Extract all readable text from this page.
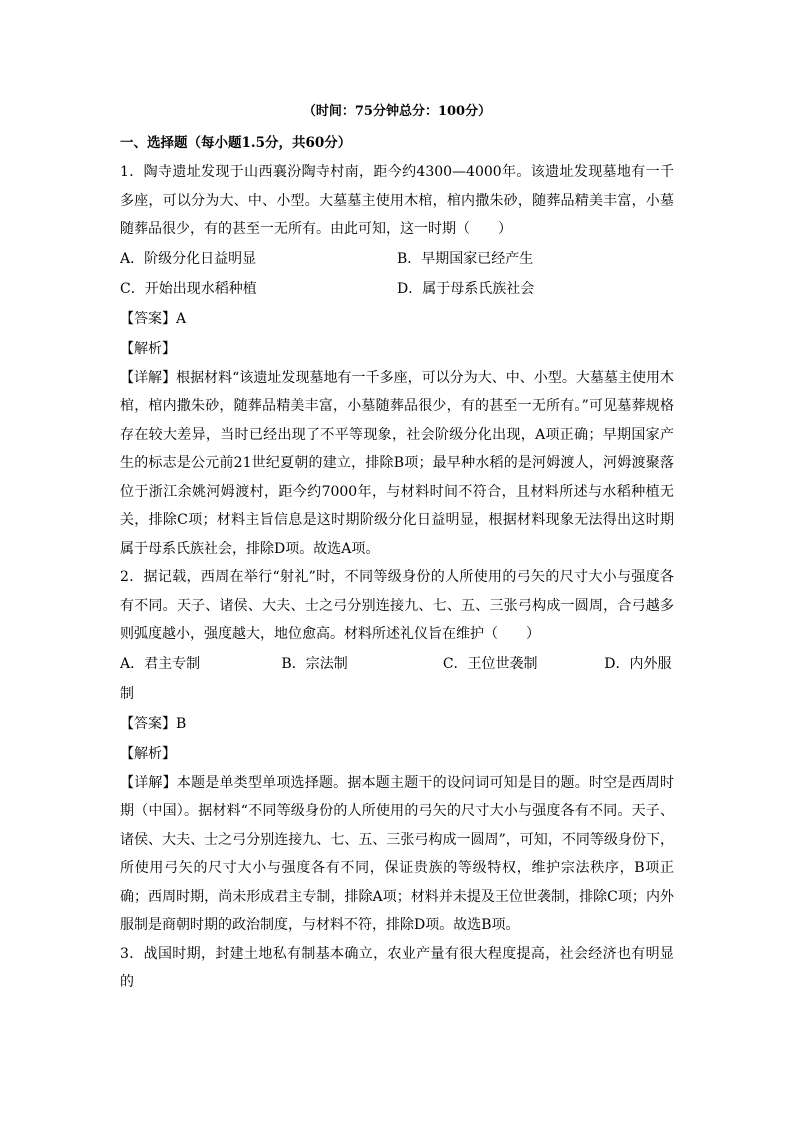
（时间：75分钟总分：100分）
一、选择题（每小题1.5分，共60分）

1．陶寺遗址发现于山西襄汾陶寺村南，距今约4300—4000年。该遗址发现墓地有一千多座，可以分为大、中、小型。大墓墓主使用木棺，棺内撒朱砂，随葬品精美丰富，小墓随葬品很少，有的甚至一无所有。由此可知，这一时期（　　）

A．阶级分化日益明显	B．早期国家已经产生
C．开始出现水稻种植	D．属于母系氏族社会
【答案】A
【解析】

【详解】根据材料“该遗址发现墓地有一千多座，可以分为大、中、小型。大墓墓主使用木棺，棺内撒朱砂，随葬品精美丰富，小墓随葬品很少，有的甚至一无所有。”可见墓葬规格存在较大差异，当时已经出现了不平等现象，社会阶级分化出现，A项正确；早期国家产生的标志是公元前21世纪夏朝的建立，排除B项；最早种水稻的是河姆渡人，河姆渡聚落位于浙江余姚河姆渡村，距今约7000年，与材料时间不符合，且材料所述与水稻种植无关，排除C项；材料主旨信息是这时期阶级分化日益明显，根据材料现象无法得出这时期属于母系氏族社会，排除D项。故选A项。

2．据记载，西周在举行“射礼”时，不同等级身份的人所使用的弓矢的尺寸大小与强度各有不同。天子、诸侯、大夫、士之弓分别连接九、七、五、三张弓构成一圆周，合弓越多则弧度越小，强度越大，地位愈高。材料所述礼仪旨在维护（　　）

A．君主专制	B．宗法制	C．王位世袭制	D．内外服
制
【答案】B
【解析】

【详解】本题是单类型单项选择题。据本题主题干的设问词可知是目的题。时空是西周时期（中国）。据材料“不同等级身份的人所使用的弓矢的尺寸大小与强度各有不同。天子、诸侯、大夫、士之弓分别连接九、七、五、三张弓构成一圆周”，可知，不同等级身份下，所使用弓矢的尺寸大小与强度各有不同，保证贵族的等级特权，维护宗法秩序，B项正确；西周时期，尚未形成君主专制，排除A项；材料并未提及王位世袭制，排除C项；内外服制是商朝时期的政治制度，与材料不符，排除D项。故选B项。

3．战国时期，封建土地私有制基本确立，农业产量有很大程度提高，社会经济也有明显的
